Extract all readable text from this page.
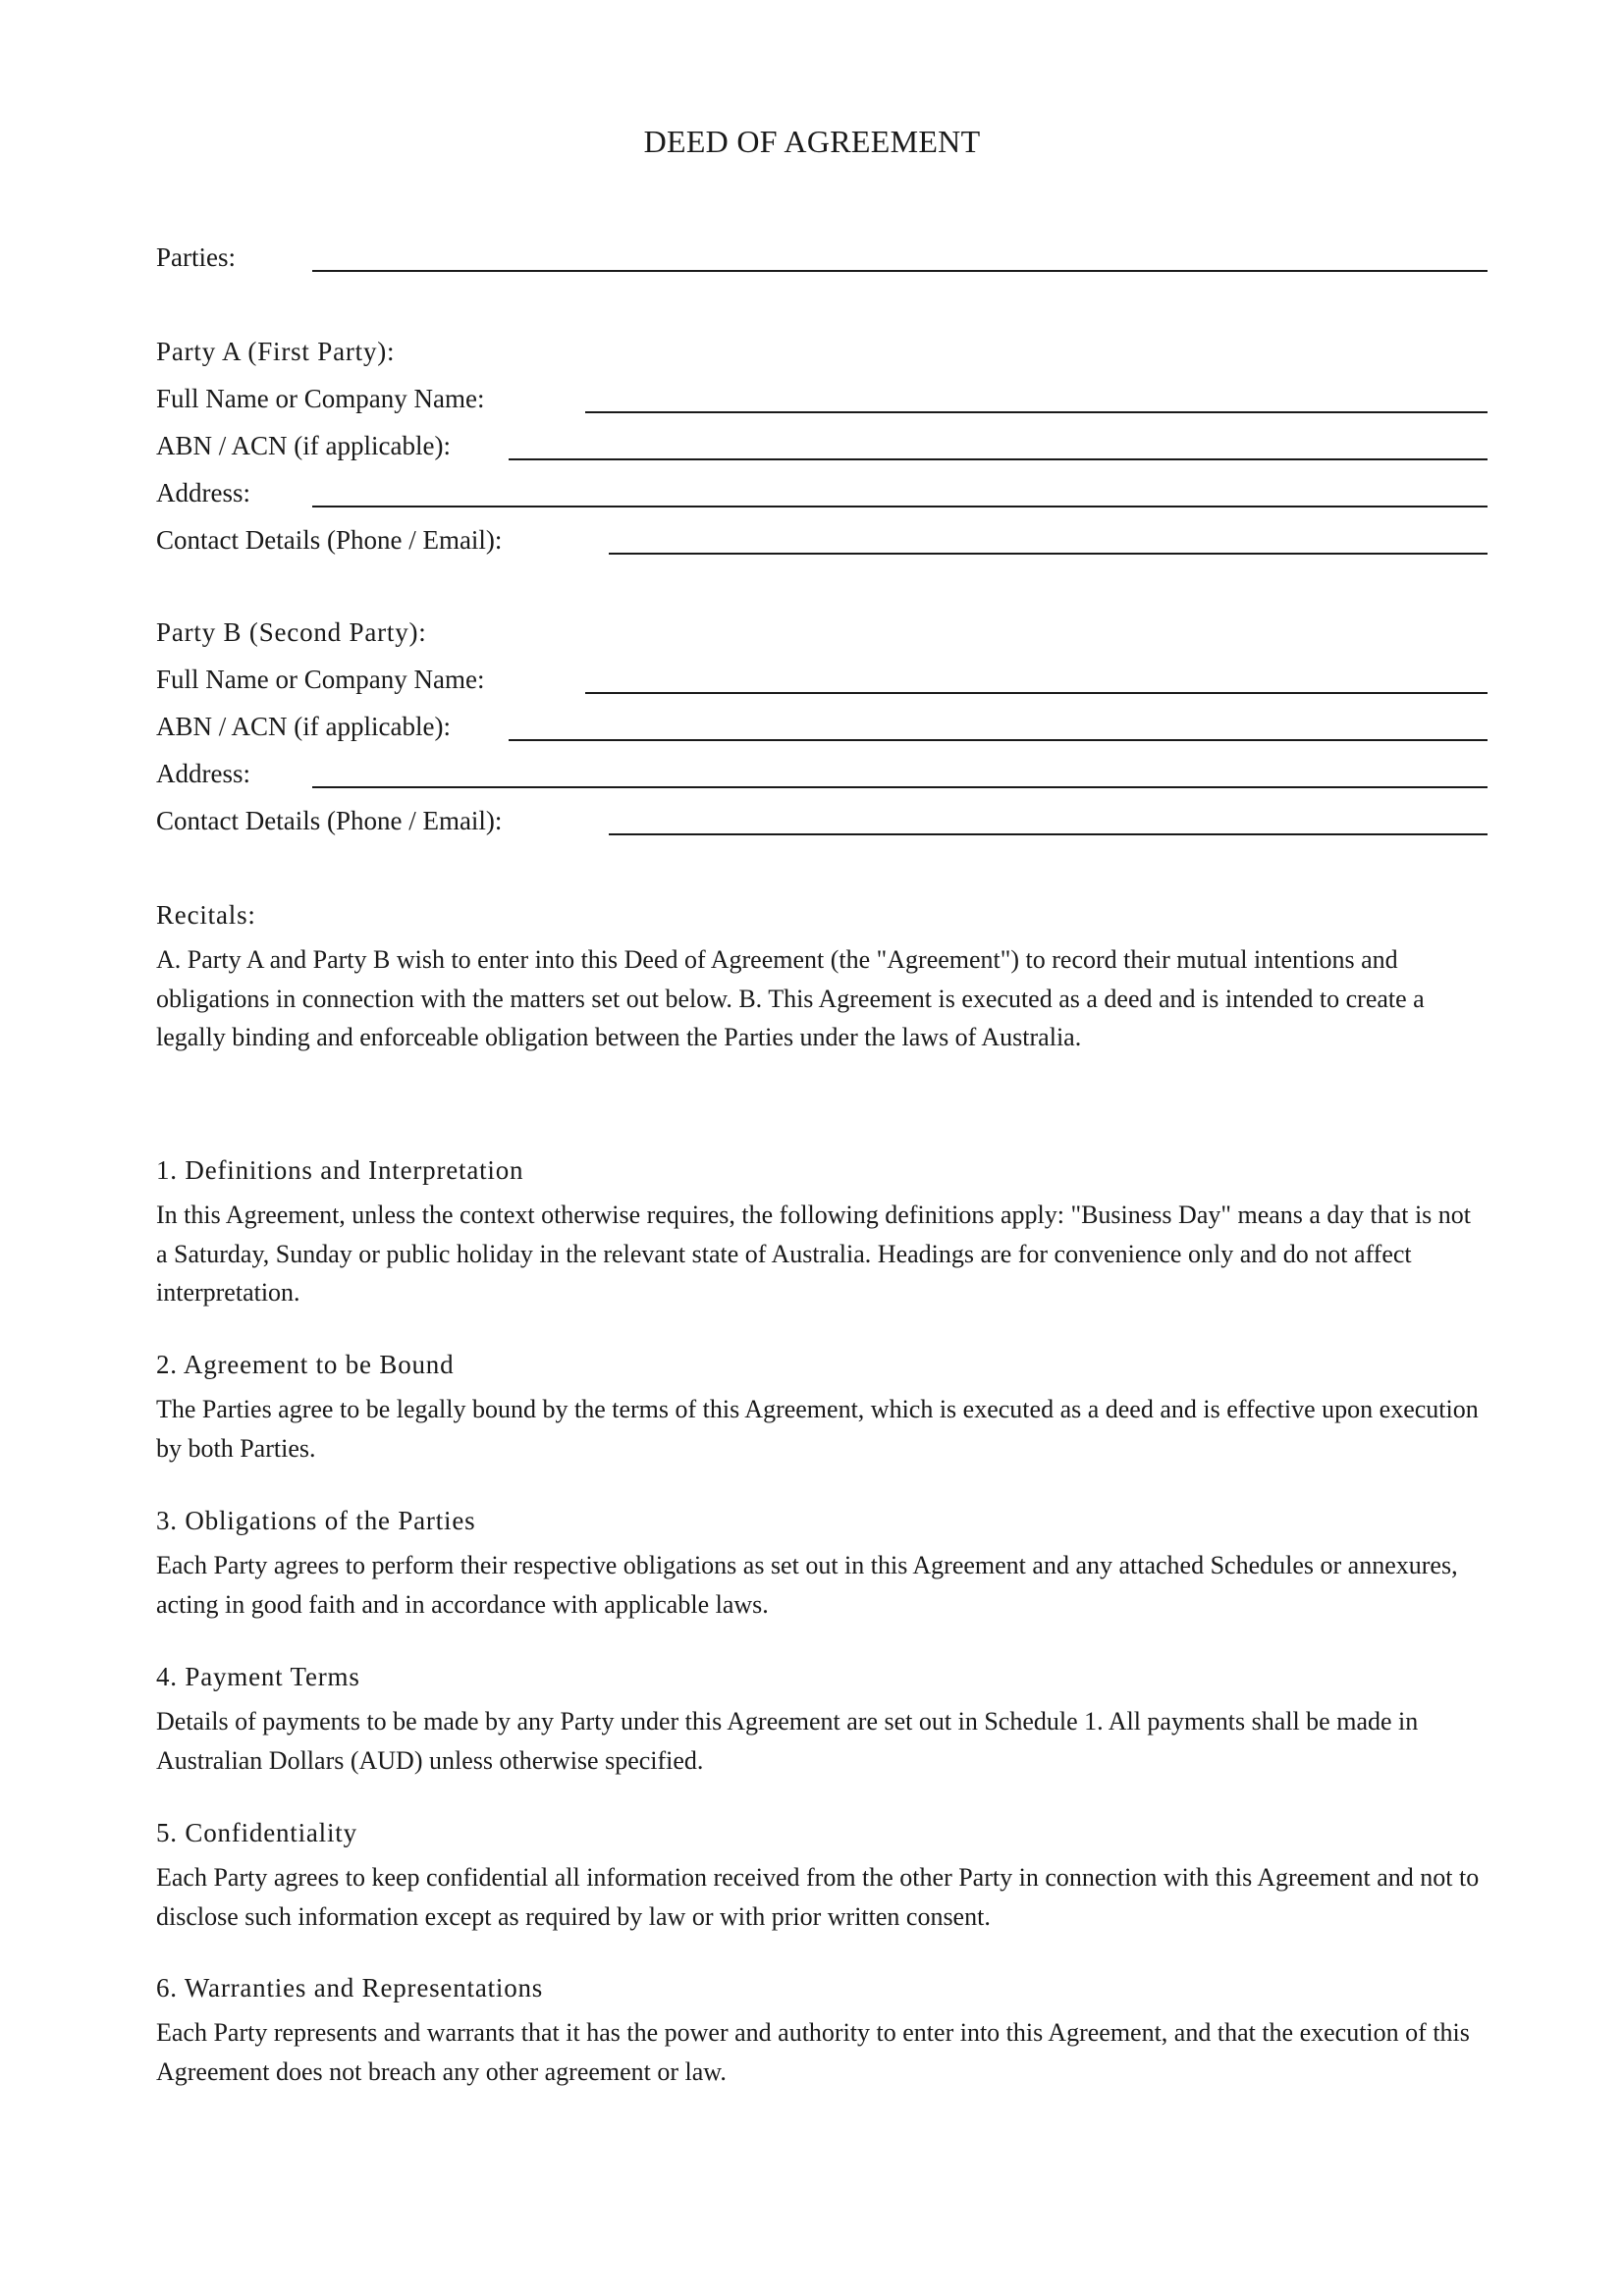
DEED OF AGREEMENT
Parties:
Party A (First Party):
Full Name or Company Name:
ABN / ACN (if applicable):
Address:
Contact Details (Phone / Email):
Party B (Second Party):
Full Name or Company Name:
ABN / ACN (if applicable):
Address:
Contact Details (Phone / Email):
Recitals:
A. Party A and Party B wish to enter into this Deed of Agreement (the "Agreement") to record their mutual intentions and obligations in connection with the matters set out below. B. This Agreement is executed as a deed and is intended to create a legally binding and enforceable obligation between the Parties under the laws of Australia.
1. Definitions and Interpretation
In this Agreement, unless the context otherwise requires, the following definitions apply: "Business Day" means a day that is not a Saturday, Sunday or public holiday in the relevant state of Australia. Headings are for convenience only and do not affect interpretation.
2. Agreement to be Bound
The Parties agree to be legally bound by the terms of this Agreement, which is executed as a deed and is effective upon execution by both Parties.
3. Obligations of the Parties
Each Party agrees to perform their respective obligations as set out in this Agreement and any attached Schedules or annexures, acting in good faith and in accordance with applicable laws.
4. Payment Terms
Details of payments to be made by any Party under this Agreement are set out in Schedule 1. All payments shall be made in Australian Dollars (AUD) unless otherwise specified.
5. Confidentiality
Each Party agrees to keep confidential all information received from the other Party in connection with this Agreement and not to disclose such information except as required by law or with prior written consent.
6. Warranties and Representations
Each Party represents and warrants that it has the power and authority to enter into this Agreement, and that the execution of this Agreement does not breach any other agreement or law.
